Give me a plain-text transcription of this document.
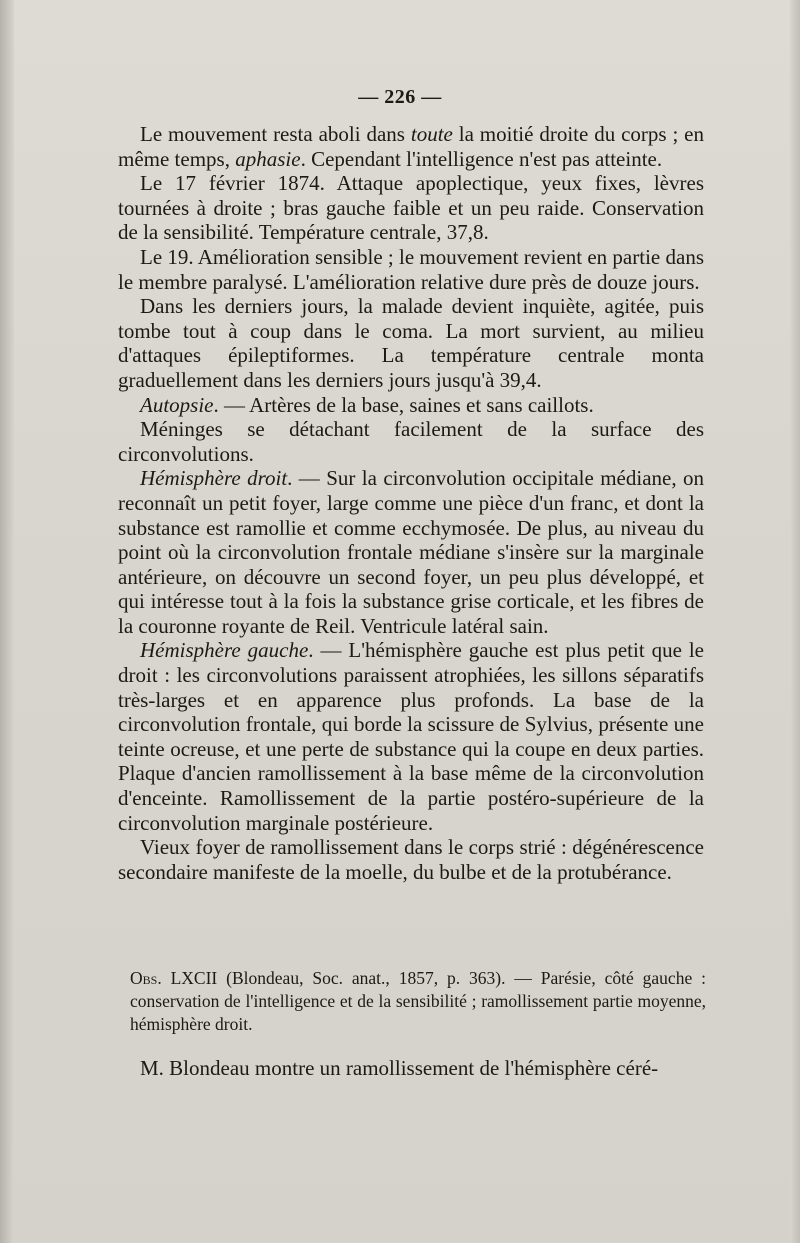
— 226 —

Le mouvement resta aboli dans toute la moitié droite du corps ; en même temps, aphasie. Cependant l'intelligence n'est pas atteinte.

Le 17 février 1874. Attaque apoplectique, yeux fixes, lèvres tournées à droite ; bras gauche faible et un peu raide. Conservation de la sensibilité. Température centrale, 37,8.

Le 19. Amélioration sensible ; le mouvement revient en partie dans le membre paralysé. L'amélioration relative dure près de douze jours.

Dans les derniers jours, la malade devient inquiète, agitée, puis tombe tout à coup dans le coma. La mort survient, au milieu d'attaques épileptiformes. La température centrale monta graduellement dans les derniers jours jusqu'à 39,4.

Autopsie. — Artères de la base, saines et sans caillots.

Méninges se détachant facilement de la surface des circonvolutions.

Hémisphère droit. — Sur la circonvolution occipitale médiane, on reconnaît un petit foyer, large comme une pièce d'un franc, et dont la substance est ramollie et comme ecchymosée. De plus, au niveau du point où la circonvolution frontale médiane s'insère sur la marginale antérieure, on découvre un second foyer, un peu plus développé, et qui intéresse tout à la fois la substance grise corticale, et les fibres de la couronne royante de Reil. Ventricule latéral sain.

Hémisphère gauche. — L'hémisphère gauche est plus petit que le droit : les circonvolutions paraissent atrophiées, les sillons séparatifs très-larges et en apparence plus profonds. La base de la circonvolution frontale, qui borde la scissure de Sylvius, présente une teinte ocreuse, et une perte de substance qui la coupe en deux parties. Plaque d'ancien ramollissement à la base même de la circonvolution d'enceinte. Ramollissement de la partie postéro-supérieure de la circonvolution marginale postérieure.

Vieux foyer de ramollissement dans le corps strié : dégénérescence secondaire manifeste de la moelle, du bulbe et de la protubérance.

Obs. LXCII (Blondeau, Soc. anat., 1857, p. 363). — Parésie, côté gauche : conservation de l'intelligence et de la sensibilité ; ramollissement partie moyenne, hémisphère droit.

M. Blondeau montre un ramollissement de l'hémisphère céré-
